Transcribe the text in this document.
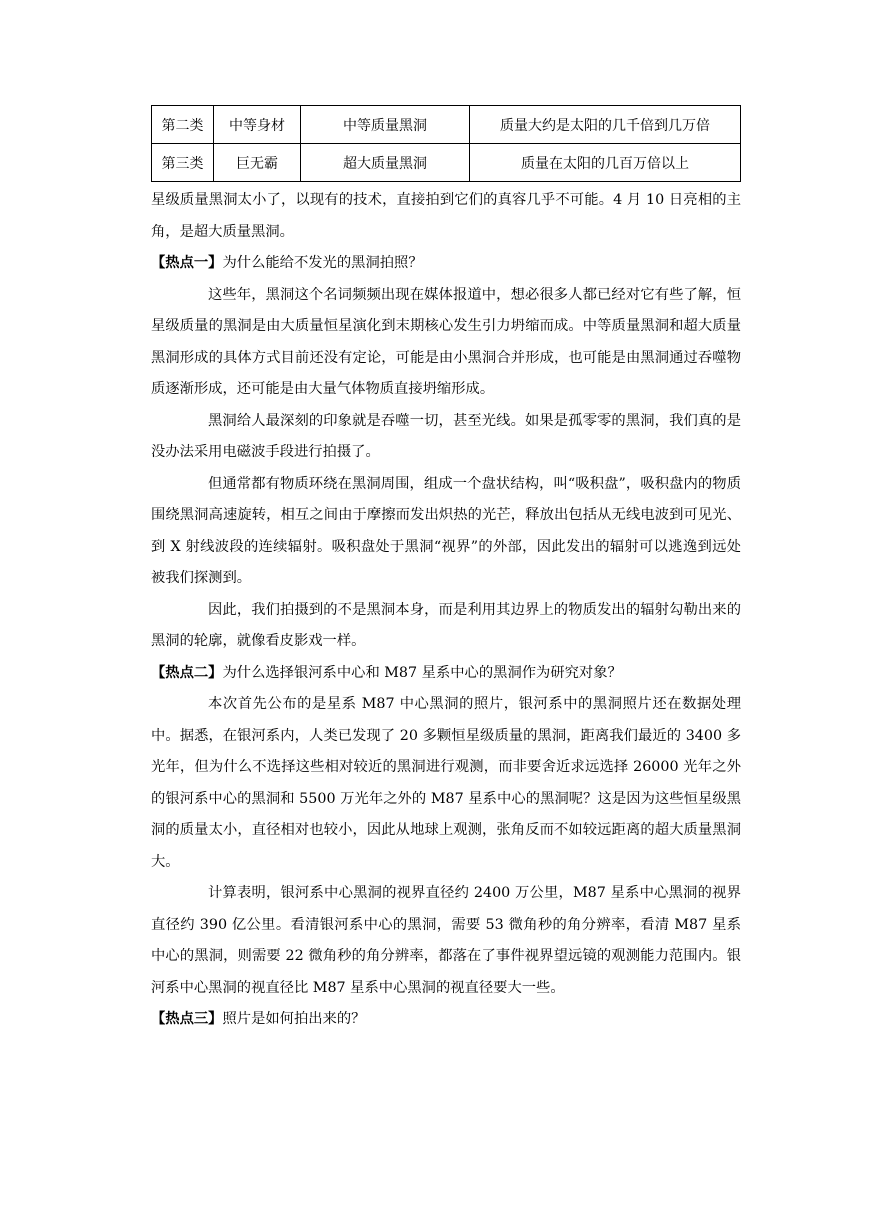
第二类	中等身材	中等质量黑洞	质量大约是太阳的几千倍到几万倍
第三类	巨无霸	超大质量黑洞	质量在太阳的几百万倍以上

星级质量黑洞太小了，以现有的技术，直接拍到它们的真容几乎不可能。4 月 10 日亮相的主角，是超大质量黑洞。

【热点一】为什么能给不发光的黑洞拍照？

这些年，黑洞这个名词频频出现在媒体报道中，想必很多人都已经对它有些了解，恒星级质量的黑洞是由大质量恒星演化到末期核心发生引力坍缩而成。中等质量黑洞和超大质量黑洞形成的具体方式目前还没有定论，可能是由小黑洞合并形成，也可能是由黑洞通过吞噬物质逐渐形成，还可能是由大量气体物质直接坍缩形成。

黑洞给人最深刻的印象就是吞噬一切，甚至光线。如果是孤零零的黑洞，我们真的是没办法采用电磁波手段进行拍摄了。

但通常都有物质环绕在黑洞周围，组成一个盘状结构，叫“吸积盘”，吸积盘内的物质围绕黑洞高速旋转，相互之间由于摩擦而发出炽热的光芒，释放出包括从无线电波到可见光、到 X 射线波段的连续辐射。吸积盘处于黑洞“视界”的外部，因此发出的辐射可以逃逸到远处被我们探测到。

因此，我们拍摄到的不是黑洞本身，而是利用其边界上的物质发出的辐射勾勒出来的黑洞的轮廓，就像看皮影戏一样。

【热点二】为什么选择银河系中心和 M87 星系中心的黑洞作为研究对象？

本次首先公布的是星系 M87 中心黑洞的照片，银河系中的黑洞照片还在数据处理中。据悉，在银河系内，人类已发现了 20 多颗恒星级质量的黑洞，距离我们最近的 3400 多光年，但为什么不选择这些相对较近的黑洞进行观测，而非要舍近求远选择 26000 光年之外的银河系中心的黑洞和 5500 万光年之外的 M87 星系中心的黑洞呢？这是因为这些恒星级黑洞的质量太小，直径相对也较小，因此从地球上观测，张角反而不如较远距离的超大质量黑洞大。

计算表明，银河系中心黑洞的视界直径约 2400 万公里，M87 星系中心黑洞的视界直径约 390 亿公里。看清银河系中心的黑洞，需要 53 微角秒的角分辨率，看清 M87 星系中心的黑洞，则需要 22 微角秒的角分辨率，都落在了事件视界望远镜的观测能力范围内。银河系中心黑洞的视直径比 M87 星系中心黑洞的视直径要大一些。

【热点三】照片是如何拍出来的？
